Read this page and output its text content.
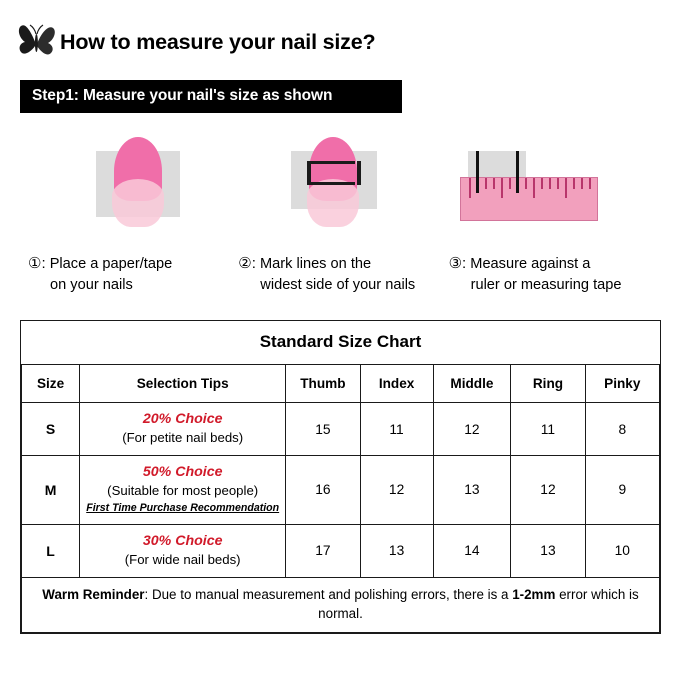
How to measure your nail size?
Step1: Measure your nail's size as shown
①: Place a paper/tape
on your nails
②: Mark lines on the
widest side of your nails
③: Measure against a
ruler or measuring tape
Standard Size Chart						
Size	Selection Tips	Thumb	Index	Middle	Ring	Pinky
S	20% Choice
(For petite nail beds)	15	11	12	11	8
M	50% Choice
(Suitable for most people)
First Time Purchase Recommendation	16	12	13	12	9
L	30% Choice
(For wide nail beds)	17	13	14	13	10
Warm Reminder: Due to manual measurement and polishing errors, there is a 1-2mm error which is normal.						
